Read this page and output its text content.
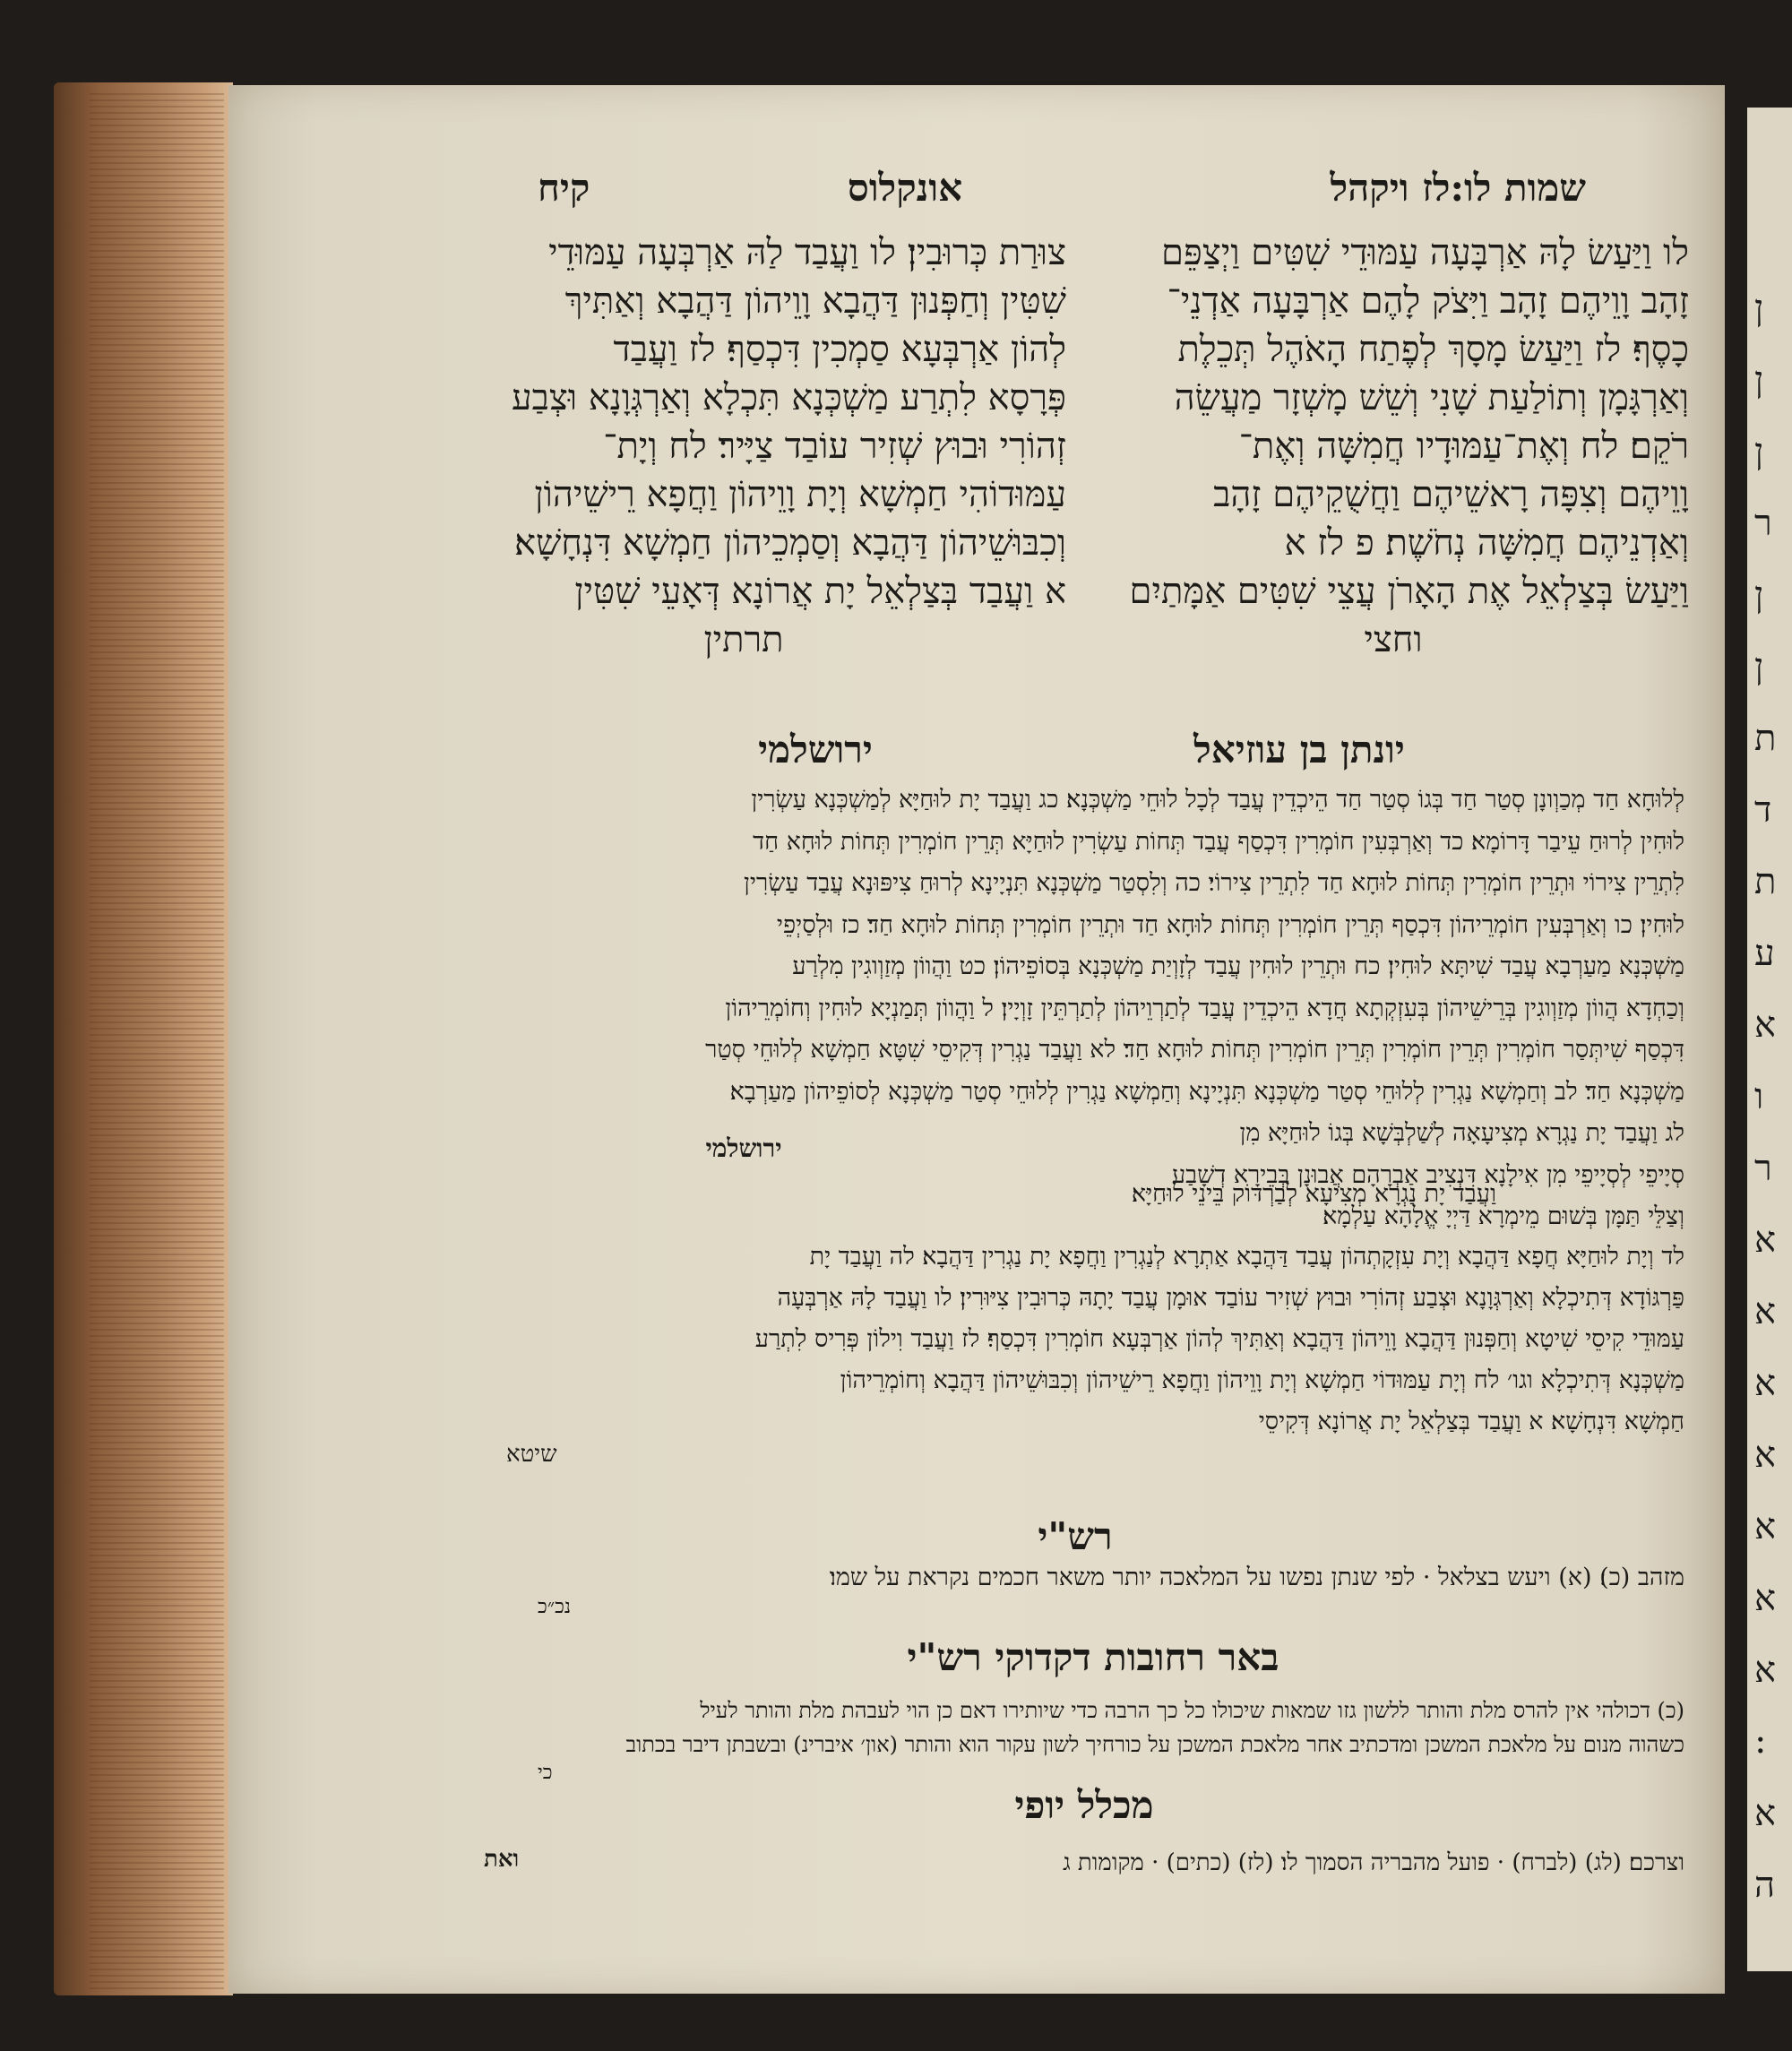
ן
ן
ן
ר
ן
ן
ת
ד
ת
ע
א
ו
ר
א
א
א
א
א
א
א
:
א
ה
שמות לו:לז ויקהל
אונקלוס
קיח
לו וַיַּעַשׂ לָהּ אַרְבָּעָה עַמּוּדֵי שִׁטִּים וַיְצַפֵּם
זָהָב וָוֵיהֶם זָהָב וַיִּצֹק לָהֶם אַרְבָּעָה אַדְנֵי־
כָסֶף׃ לז וַיַּעַשׂ מָסָךְ לְפֶתַח הָאֹהֶל תְּכֵלֶת
וְאַרְגָּמָן וְתוֹלַעַת שָׁנִי וְשֵׁשׁ מָשְׁזָר מַעֲשֵׂה
רֹקֵם׃ לח וְאֶת־עַמּוּדָיו חֲמִשָּׁה וְאֶת־
וָוֵיהֶם וְצִפָּה רָאשֵׁיהֶם וַחֲשֻׁקֵיהֶם זָהָב
וְאַדְנֵיהֶם חֲמִשָּׁה נְחֹשֶׁת׃ פ לז א
וַיַּעַשׂ בְּצַלְאֵל אֶת הָאָרֹן עֲצֵי שִׁטִּים אַמָּתַיִם
וחצי
צוּרַת כְּרוּבִין׃ לו וַעֲבַד לַהּ אַרְבְּעָה עַמּוּדֵי
שִׁטִּין וְחַפְּנוּן דַּהֲבָא וָוֵיהוֹן דַּהֲבָא וְאַתִּיךְ
לְהוֹן אַרְבְּעָא סַמְכִין דִּכְסַף׃ לז וַעֲבַד
פְּרָסָא לִתְרַע מַשְׁכְּנָא תִּכְלָא וְאַרְגְּוָנָא וּצְבַע
זְהוֹרִי וּבוּץ שְׁזִיר עוֹבַד צַיָּיר׃ לח וְיָת־
עַמּוּדוֹהִי חַמְשָׁא וְיָת וָוֵיהוֹן וַחֲפָא רֵישֵׁיהוֹן
וְכִבּוּשֵׁיהוֹן דַּהֲבָא וְסַמְכֵיהוֹן חַמְשָׁא דִּנְחָשָׁא׃
א וַעֲבַד בְּצַלְאֵל יָת אֲרוֹנָא דְּאָעֵי שִׁטִּין
תרתין
יונתן בן עוזיאל
ירושלמי
לְלוּחָא חַד מְכַוְונָן סְטַר חַד בְּגוֹ סְטַר חַד הֵיכְדֵין עֲבַד לְכָל לוּחֵי מַשְׁכְּנָא׃ כג וַעֲבַד יָת לוּחַיָּא לְמַשְׁכְּנָא עַשְׂרִין
לוּחִין לְרוּחַ עֵיבַר דָּרוֹמָא׃ כד וְאַרְבְּעִין חוֹמְרִין דִּכְסַף עֲבַד תְּחוֹת עַשְׂרִין לוּחַיָּא תְּרֵין חוֹמְרִין תְּחוֹת לוּחָא חַד
לִתְרֵין צִירוֹי וּתְרֵין חוֹמְרִין תְּחוֹת לוּחָא חַד לִתְרֵין צִירוֹי׃ כה וְלִסְטַר מַשְׁכְּנָא תִּנְיָינָא לְרוּחַ צִיפּוּנָא עֲבַד עַשְׂרִין
לוּחִין׃ כו וְאַרְבְּעִין חוֹמְרֵיהוֹן דִּכְסַף תְּרֵין חוֹמְרִין תְּחוֹת לוּחָא חַד וּתְרֵין חוֹמְרִין תְּחוֹת לוּחָא חַד׃ כז וּלְסַיְפֵי
מַשְׁכְּנָא מַעַרְבָא עֲבַד שִׁיתָּא לוּחִין׃ כח וּתְרֵין לוּחִין עֲבַד לְזָוְיַת מַשְׁכְּנָא בְּסוֹפֵיהוֹן׃ כט וַהֲווֹן מְזַוְוגִין מִלְרַע
וְכַחְדָא הֲווֹן מְזַוְוגִין בְּרֵישֵׁיהוֹן בְּעִזְקְתָא חֲדָא הֵיכְדֵין עֲבַד לְתַרְוֵיהוֹן לְתַרְתֵּין זָוְיָין׃ ל וַהֲווֹן תְּמַנְיָא לוּחִין וְחוֹמְרֵיהוֹן
דִּכְסַף שִׁיתְּסַר חוֹמְרִין תְּרֵין חוֹמְרִין תְּרֵין חוֹמְרִין תְּחוֹת לוּחָא חַד׃ לא וַעֲבַד נַגְרִין דְּקִיסֵי שִׁטָּא חַמְשָׁא לְלוּחֵי סְטַר
מַשְׁכְּנָא חַד׃ לב וְחַמְשָׁא נַגְרִין לְלוּחֵי סְטַר מַשְׁכְּנָא תִּנְיָינָא וְחַמְשָׁא נַגְרִין לְלוּחֵי סְטַר מַשְׁכְּנָא לְסוֹפֵיהוֹן מַעַרְבָא׃
לג וַעֲבַד יָת נַגְרָא מְצִיעָאָה לְשַׁלְבְּשָׁא בְּגוֹ לוּחַיָּא מִן
סְיָיפֵי לְסְיָיפֵי מִן אִילָנָא דִּנְצִיב אַבְרָהָם אֲבוּנָן בְּבֵירָא דְשָׁבַע
וְצַלֵּי תַּמָּן בְּשׁוּם מֵימְרָא דַּיְיָ אֱלָהָא עַלְמָא׃
ירושלמי
וַעֲבַד יָת נַגְרָא מְצִיעָא לְבַרְדּוֹק בֵּינֵי לוּחַיָּא׃
לד וְיָת לוּחַיָּא חֲפָא דַּהֲבָא וְיָת עִזְקָתְהוֹן עֲבַד דַּהֲבָא אַתְרָא לְנַגְרִין וַחֲפָא יָת נַגְרִין דַּהֲבָא׃ לה וַעֲבַד יָת
פַּרְגּוֹדָא דְּתִיכְלָא וְאַרְגְּוָנָא וּצְבַע זְהוֹרִי וּבוּץ שְׁזִיר עוֹבַד אוּמָן עֲבַד יָתָהּ כְּרוּבִין צִיּוּרִין׃ לו וַעֲבַד לָהּ אַרְבְּעָה
עַמּוּדֵי קִיסֵי שִׁיטָא וְחַפְּנוּן דַּהֲבָא וָוֵיהוֹן דַּהֲבָא וְאַתִּיךְ לְהוֹן אַרְבְּעָא חוֹמְרִין דִּכְסַף׃ לז וַעֲבַד וִילוֹן פְּרִיס לִתְרַע
מַשְׁכְּנָא דְּתִיכְלָא וגו׳ לח וְיָת עַמּוּדוֹי חַמְשָׁא וְיָת וָוֵיהוֹן וַחֲפָא רֵישֵׁיהוֹן וְכִבּוּשֵׁיהוֹן דַּהֲבָא וְחוֹמְרֵיהוֹן
חַמְשָׁא דִּנְחָשָׁא׃ א וַעֲבַד בְּצַלְאֵל יָת אֲרוֹנָא דְּקִיסֵי
שיטא
רש"י
מזהב (כ)׃ (א) ויעש בצלאל · לפי שנתן נפשו על המלאכה יותר משאר חכמים נקראת על שמו׃
נכ״כ
באר רחובות דקדוקי רש"י
(כ) דכולהי אין להרס מלת והותר ללשון גזו שמאות שיכולו כל כך הרבה כדי שיותירו דאם כן הוי לעבהת מלת והותר לעיל
כשהוה מנום על מלאכת המשכן ומדכתיב אחר מלאכת המשכן על כורחיך לשון עקור הוא והותר (און׳ איברינ) ובשבתן דיבר בכתוב
כי
מכלל יופי
וצרכם׃ (לג) (לברח) · פועל מהבריה הסמוך לו׃ (לז) (כתים) · מקומות ג
ואת
